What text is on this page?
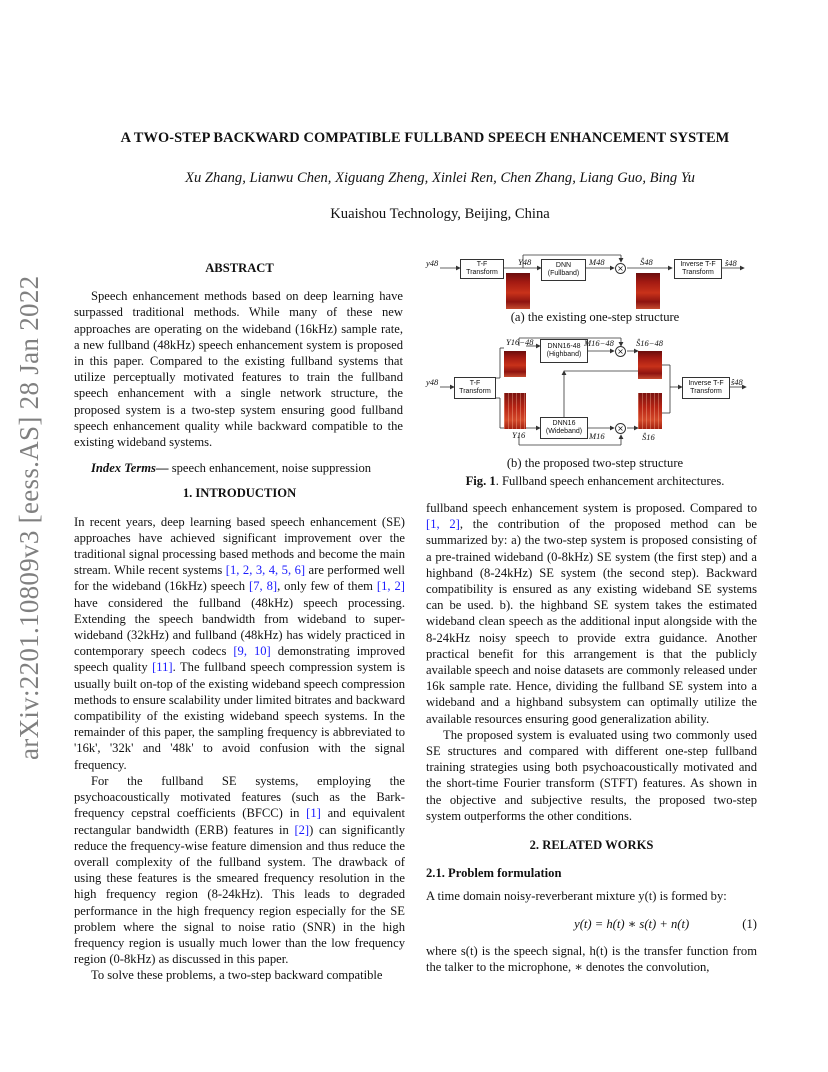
arXiv:2201.10809v3 [eess.AS] 28 Jan 2022
A TWO-STEP BACKWARD COMPATIBLE FULLBAND SPEECH ENHANCEMENT SYSTEM
Xu Zhang, Lianwu Chen, Xiguang Zheng, Xinlei Ren, Chen Zhang, Liang Guo, Bing Yu
Kuaishou Technology, Beijing, China
ABSTRACT

Speech enhancement methods based on deep learning have surpassed traditional methods. While many of these new approaches are operating on the wideband (16kHz) sample rate, a new fullband (48kHz) speech enhancement system is proposed in this paper. Compared to the existing fullband systems that utilize perceptually motivated features to train the fullband speech enhancement with a single network structure, the proposed system is a two-step system ensuring good fullband speech enhancement quality while backward compatible to the existing wideband systems.

Index Terms— speech enhancement, noise suppression

1. INTRODUCTION

In recent years, deep learning based speech enhancement (SE) approaches have achieved significant improvement over the traditional signal processing based methods and become the main stream. While recent systems [1, 2, 3, 4, 5, 6] are performed well for the wideband (16kHz) speech [7, 8], only few of them [1, 2] have considered the fullband (48kHz) speech processing. Extending the speech bandwidth from wideband to super-wideband (32kHz) and fullband (48kHz) has widely practiced in contemporary speech codecs [9, 10] demonstrating improved speech quality [11]. The fullband speech compression system is usually built on-top of the existing wideband speech compression methods to ensure scalability under limited bitrates and backward compatibility of the existing wideband speech systems. In the remainder of this paper, the sampling frequency is abbreviated to '16k', '32k' and '48k' to avoid confusion with the signal frequency.

For the fullband SE systems, employing the psychoacoustically motivated features (such as the Bark-frequency cepstral coefficients (BFCC) in [1] and equivalent rectangular bandwidth (ERB) features in [2]) can significantly reduce the frequency-wise feature dimension and thus reduce the overall complexity of the fullband system. The drawback of using these features is the smeared frequency resolution in the high frequency region (8-24kHz). This leads to degraded performance in the high frequency region especially for the SE problem where the signal to noise ratio (SNR) in the high frequency region is usually much lower than the low frequency region (0-8kHz) as discussed in this paper.

To solve these problems, a two-step backward compatible

y48	T-F Transform
Y48	DNN (Fullband)
M48
×
Ŝ48	Inverse T-F Transform
ŝ48
(a) the existing one-step structure
y48	T-F Transform
Y16−48
Y16
DNN16-48 (Highband)
M16−48
×
Ŝ16−48
DNN16 (Wideband) M16
×
Ŝ16
Inverse T-F Transform
ŝ48
(b) the proposed two-step structure
Fig. 1. Fullband speech enhancement architectures.

fullband speech enhancement system is proposed. Compared to [1, 2], the contribution of the proposed method can be summarized by: a) the two-step system is proposed consisting of a pre-trained wideband (0-8kHz) SE system (the first step) and a highband (8-24kHz) SE system (the second step). Backward compatibility is ensured as any existing wideband SE systems can be used. b). the highband SE system takes the estimated wideband clean speech as the additional input alongside with the 8-24kHz noisy speech to provide extra guidance. Another practical benefit for this arrangement is that the publicly available speech and noise datasets are commonly released under 16k sample rate. Hence, dividing the fullband SE system into a wideband and a highband subsystem can optimally utilize the available resources ensuring good generalization ability.

The proposed system is evaluated using two commonly used SE structures and compared with different one-step fullband training strategies using both psychoacoustically motivated and the short-time Fourier transform (STFT) features. As shown in the objective and subjective results, the proposed two-step system outperforms the other conditions.

2. RELATED WORKS
2.1. Problem formulation

A time domain noisy-reverberant mixture y(t) is formed by:

y(t) = h(t) ∗ s(t) + n(t)	(1)

where s(t) is the speech signal, h(t) is the transfer function from the talker to the microphone, ∗ denotes the convolution,
